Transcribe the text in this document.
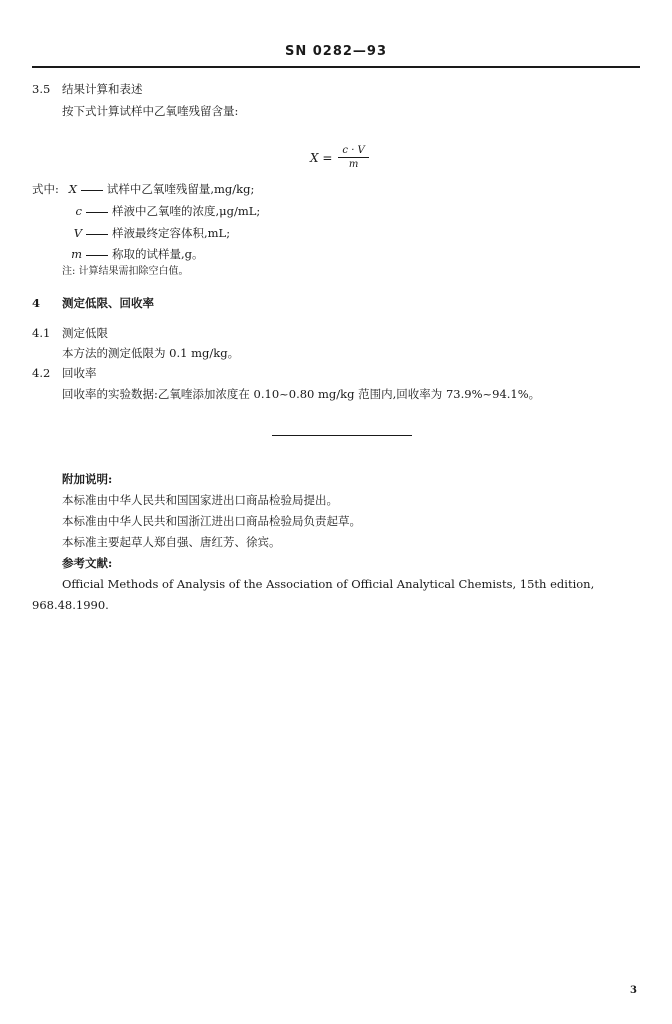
SN 0282—93
3.5 结果计算和表述
按下式计算试样中乙氧喹残留含量:
$X = \frac{c \cdot V}{m}$
式中: X	试样中乙氧喹残留量,mg/kg;
c	样液中乙氧喹的浓度,μg/mL;
V	样液最终定容体积,mL;
m	称取的试样量,g。
注: 计算结果需扣除空白值。
4 测定低限、回收率
4.1 测定低限
本方法的测定低限为 0.1 mg/kg。
4.2 回收率
回收率的实验数据:乙氧喹添加浓度在 0.10~0.80 mg/kg 范围内,回收率为 73.9%~94.1%。
附加说明:
本标准由中华人民共和国国家进出口商品检验局提出。
本标准由中华人民共和国浙江进出口商品检验局负责起草。
本标准主要起草人郑自强、唐红芳、徐宾。
参考文献:
Official Methods of Analysis of the Association of Official Analytical Chemists, 15th edition,
968.48.1990.
3
